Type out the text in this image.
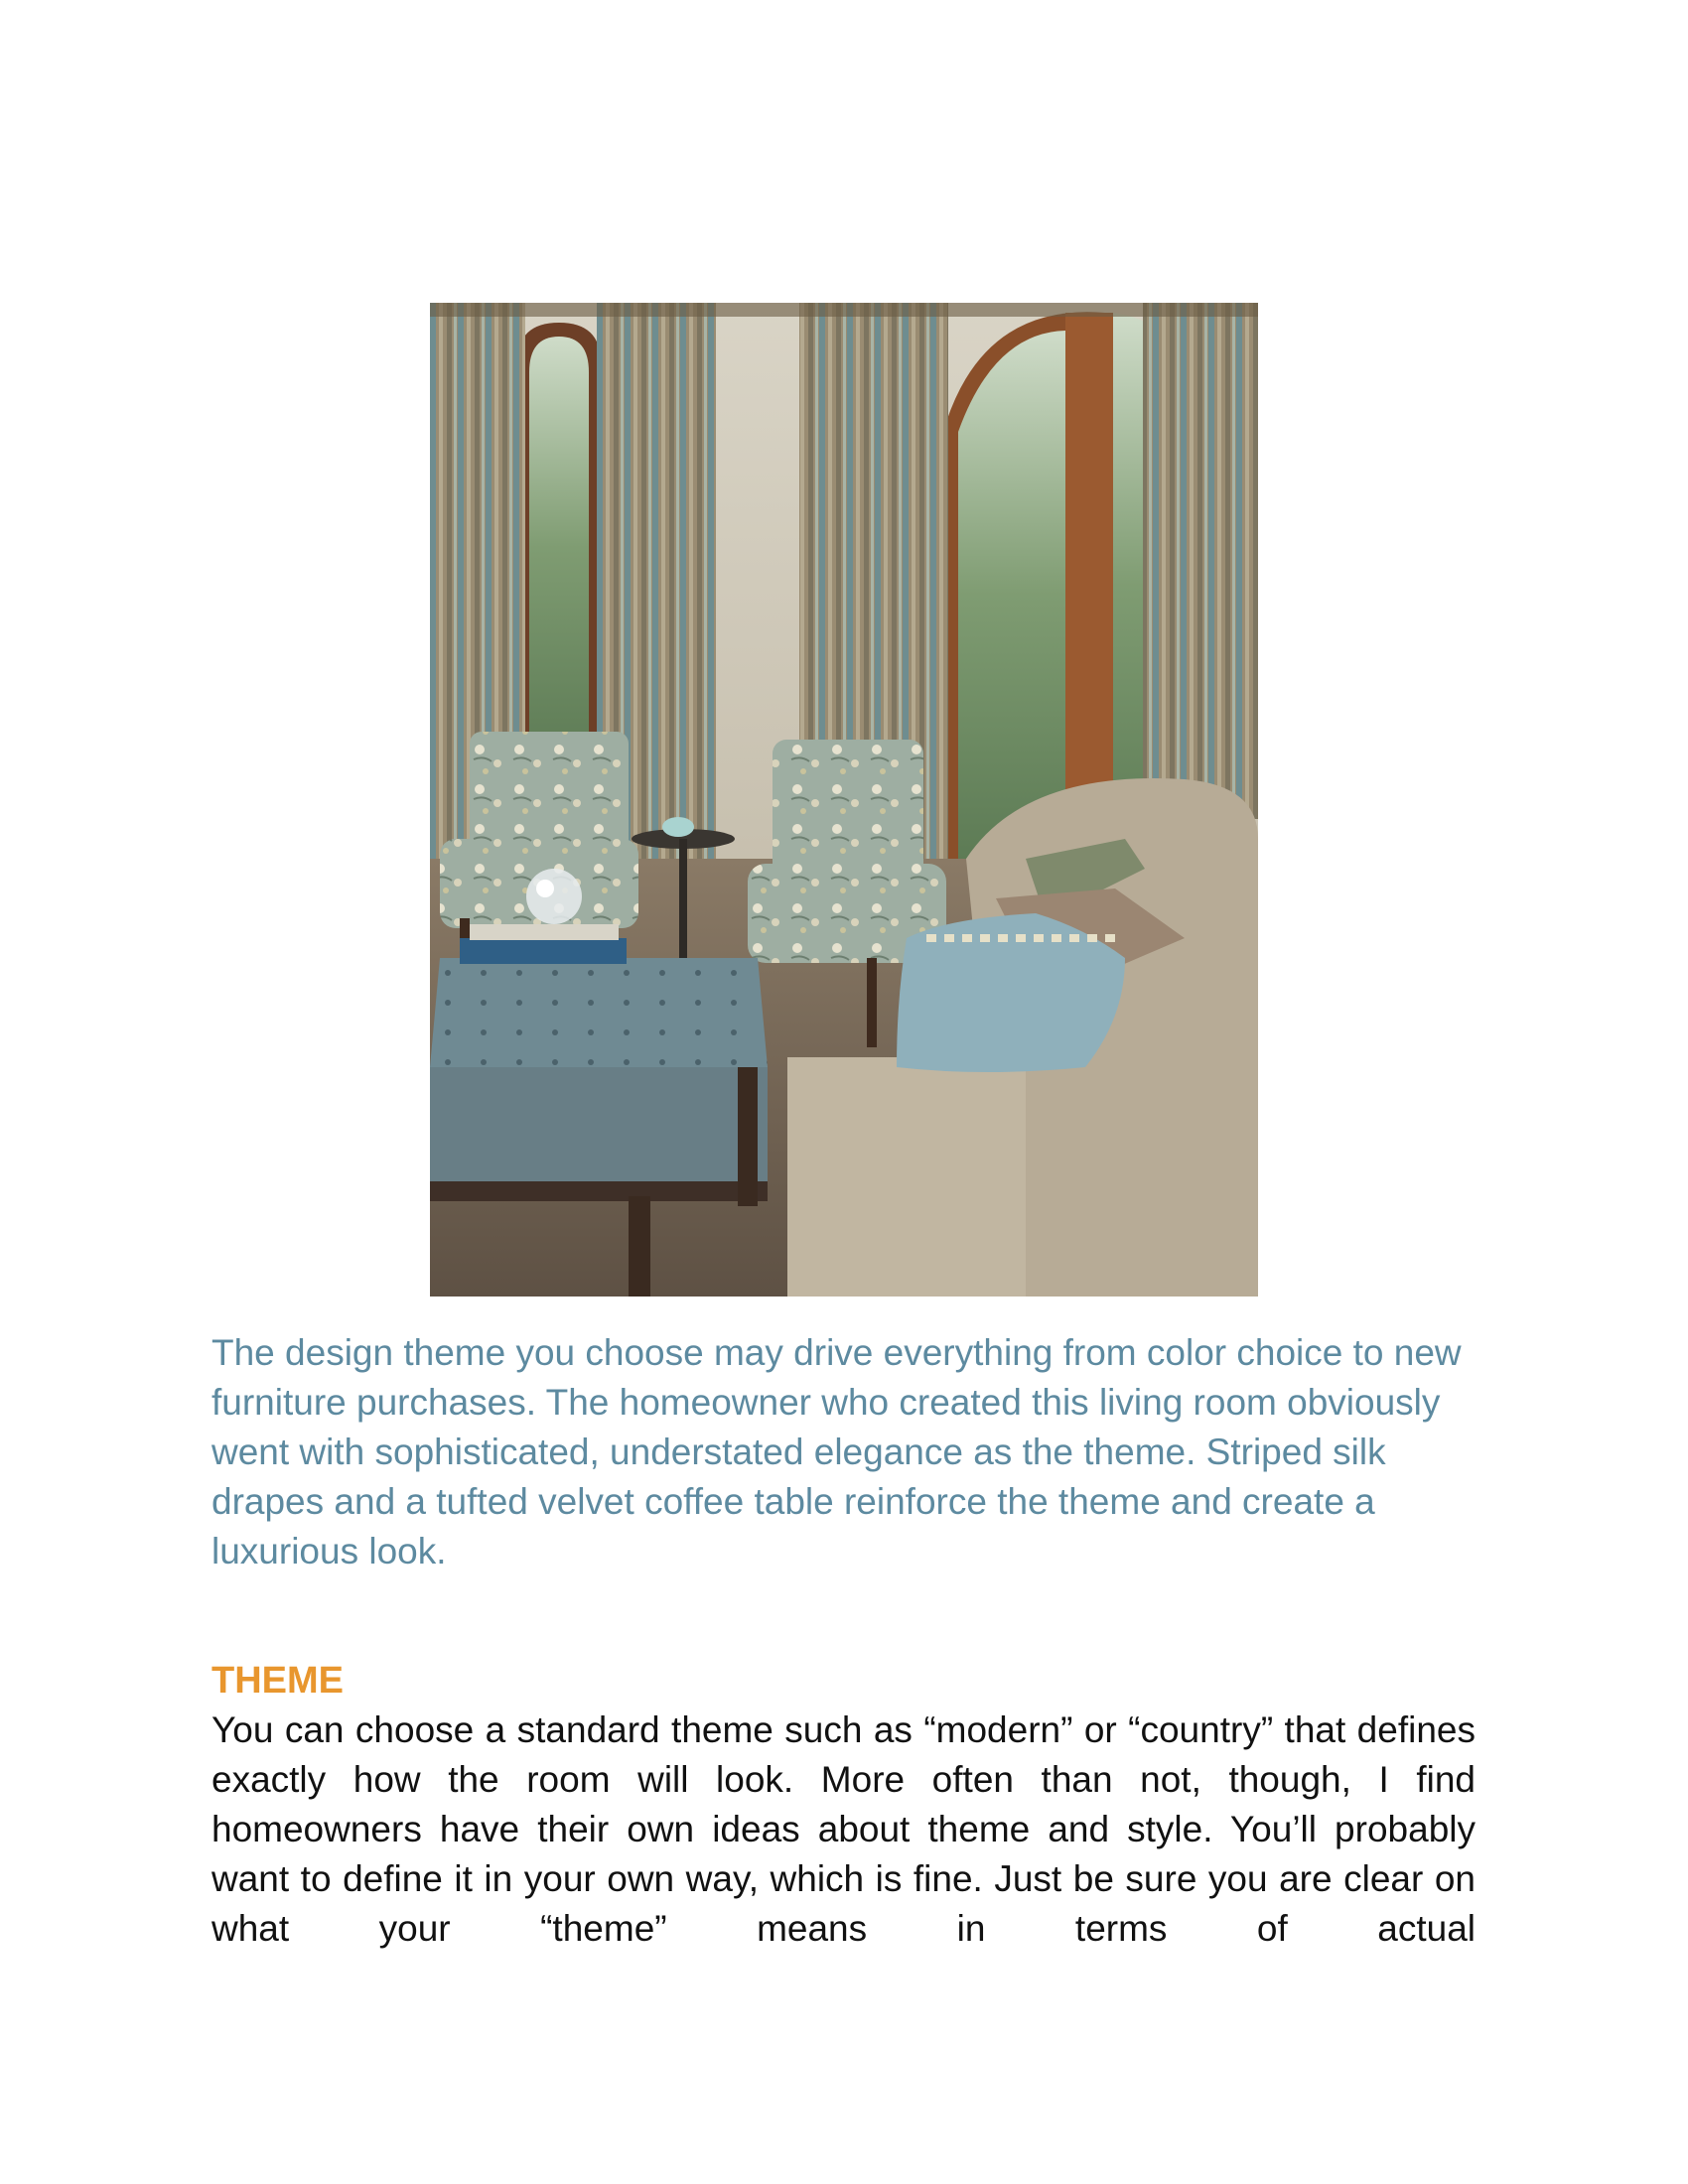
The design theme you choose may drive everything from color choice to new furniture purchases. The homeowner who created this living room obviously went with sophisticated, understated elegance as the theme. Striped silk drapes and a tufted velvet coffee table reinforce the theme and create a luxurious look.

THEME

You can choose a standard theme such as “modern” or “country” that defines exactly how the room will look. More often than not, though, I find homeowners have their own ideas about theme and style. You’ll probably want to define it in your own way, which is fine. Just be sure you are clear on what your “theme” means in terms of actual
